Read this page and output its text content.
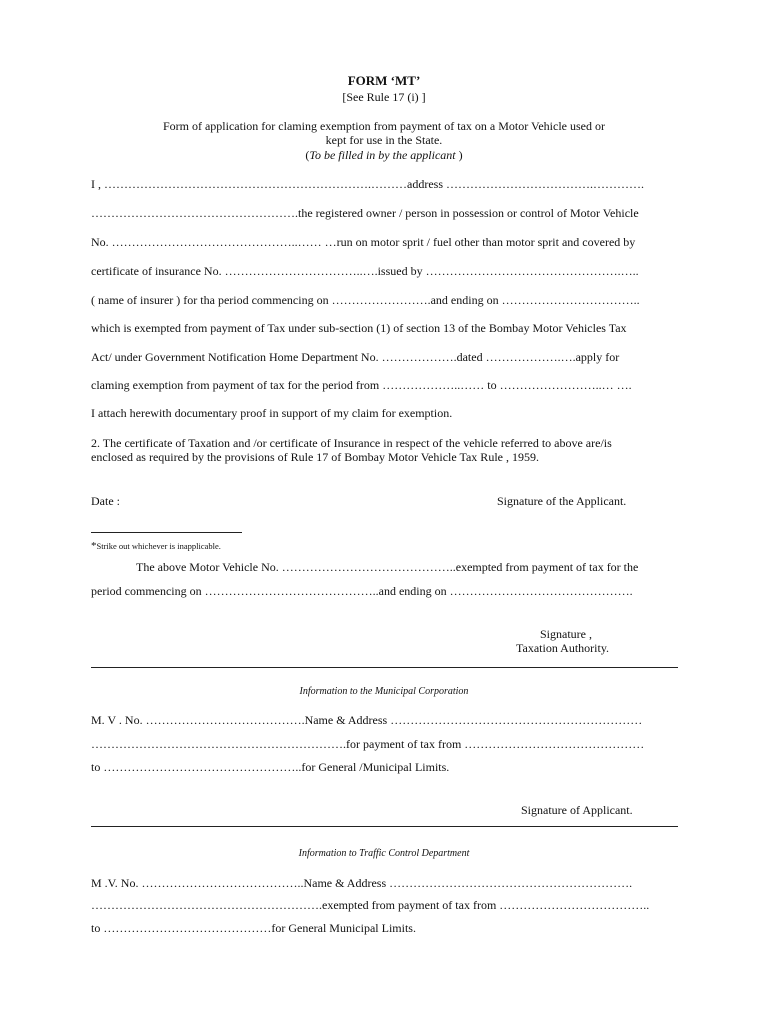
FORM ‘MT’
[See Rule 17 (i) ]
Form of application for claming exemption from payment of tax on a Motor Vehicle used or
kept for use in the State.
(To be filled in by the applicant )
I , ………………………………………………………….………address ……………………………….………….
…………………………………………….the registered owner / person in possession or control of Motor Vehicle
No. ………………………………………..…… …run on motor sprit / fuel other than motor sprit and covered by
certificate of insurance No. ……………………………..….issued by ………………………………………….…..
( name of insurer ) for tha period commencing on …………………….and ending on ……………………………..
which is exempted from payment of Tax under sub-section (1) of section 13 of the Bombay Motor Vehicles Tax
Act/ under Government Notification Home Department No. ……………….dated ……………….….apply for
claming exemption from payment of tax for the period from ………………..…… to ……………………..… ….
I attach herewith documentary proof in support of my claim for exemption.
2. The certificate of Taxation and /or certificate of Insurance in respect of the vehicle referred to above are/is
enclosed as required by the provisions of Rule 17 of Bombay Motor Vehicle Tax Rule , 1959.
Date :	Signature of the Applicant.
*Strike out whichever is inapplicable.
The above Motor Vehicle No. ……………………………………..exempted from payment of tax for the
period commencing on ……………………………………..and ending on ……………………………………….
Signature ,
Taxation Authority.
Information to the Municipal Corporation
M. V . No. ………………………………….Name & Address ………………………………………………………
……………………………………………………….for payment of tax from ………………………………………
to …………………………………………..for General /Municipal Limits.
Signature of Applicant.
Information to Traffic Control Department
M .V. No. …………………………………..Name & Address …………………………………………………….
………………………………………………….exempted from payment of tax from ………………………………..
to ……………………………………for General Municipal Limits.
